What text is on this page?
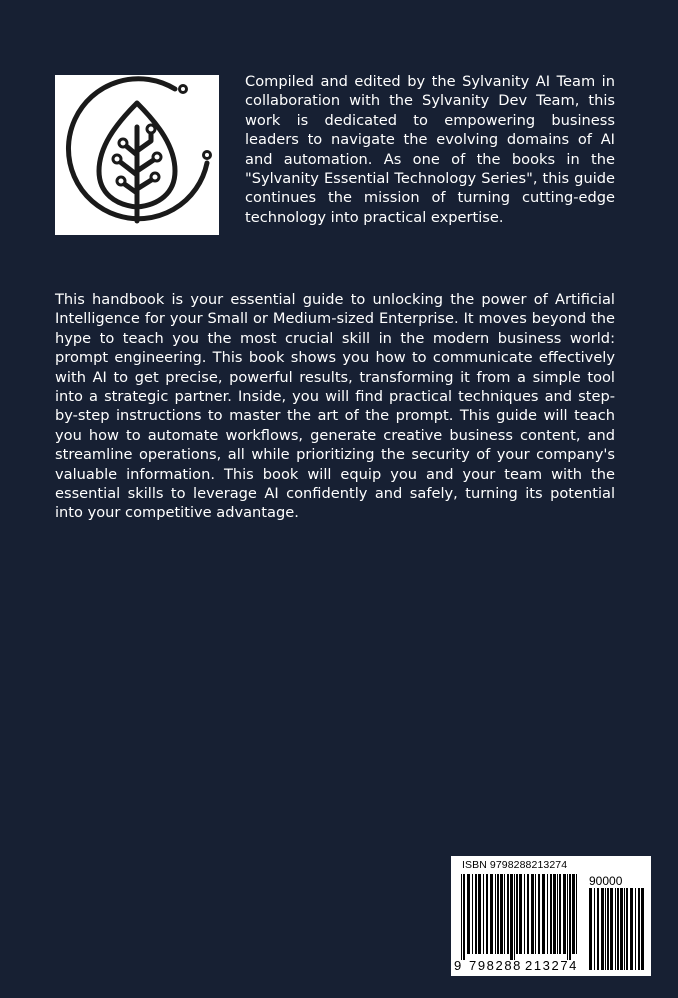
Compiled and edited by the Sylvanity AI Team in collaboration with the Sylvanity Dev Team, this work is dedicated to empowering business leaders to navigate the evolving domains of AI and automation. As one of the books in the "Sylvanity Essential Technology Series", this guide continues the mission of turning cutting-edge technology into practical expertise.

This handbook is your essential guide to unlocking the power of Artificial Intelligence for your Small or Medium-sized Enterprise. It moves beyond the hype to teach you the most crucial skill in the modern business world: prompt engineering. This book shows you how to communicate effectively with AI to get precise, powerful results, transforming it from a simple tool into a strategic partner. Inside, you will find practical techniques and step-by-step instructions to master the art of the prompt. This guide will teach you how to automate workflows, generate creative business content, and streamline operations, all while prioritizing the security of your company's valuable information. This book will equip you and your team with the essential skills to leverage AI confidently and safely, turning its potential into your competitive advantage.

ISBN 9798288213274
90000
9 798288 213274
